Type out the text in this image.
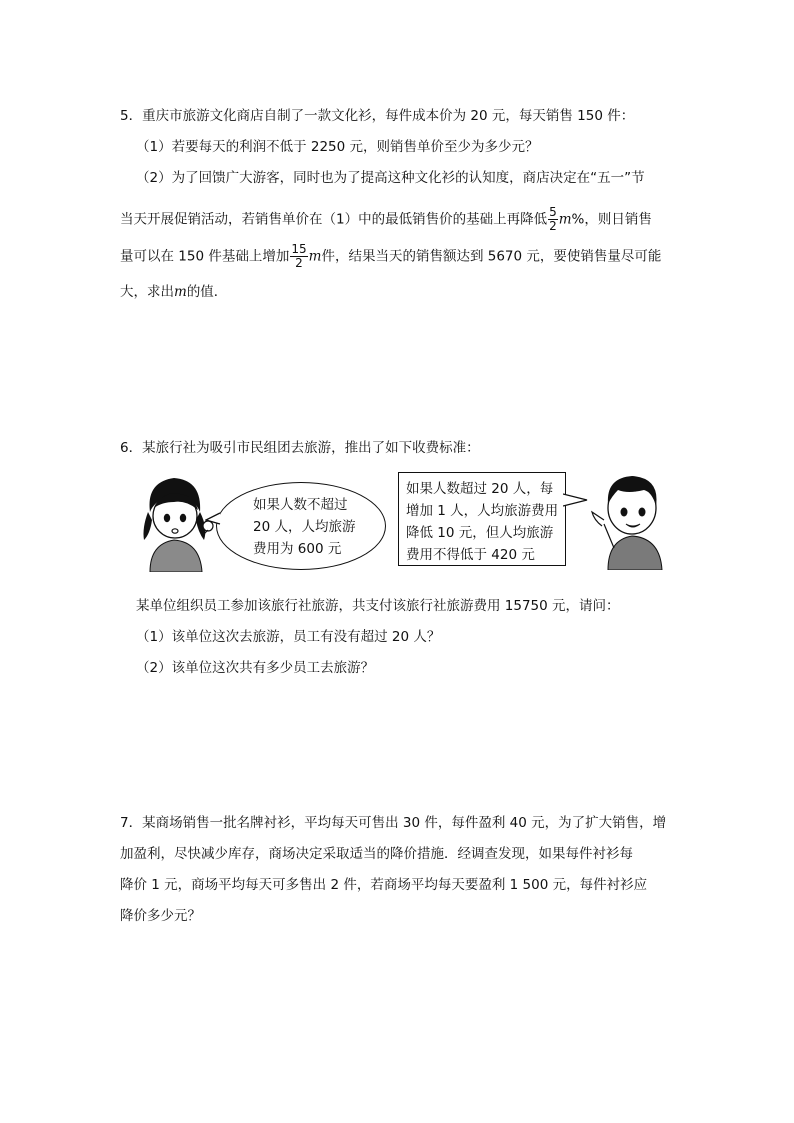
5．重庆市旅游文化商店自制了一款文化衫，每件成本价为 20 元，每天销售 150 件：
（1）若要每天的利润不低于 2250 元，则销售单价至少为多少元？
（2）为了回馈广大游客，同时也为了提高这种文化衫的认知度，商店决定在“五一”节
当天开展促销活动，若销售单价在（1）中的最低销售价的基础上再降低 $\frac{5}{2} m\%$，则日销售
量可以在 150 件基础上增加 $\frac{15}{2}$ m件，结果当天的销售额达到 5670 元，要使销售量尽可能
大，求出m的值．
6．某旅行社为吸引市民组团去旅游，推出了如下收费标准：
如果人数不超过
20 人，人均旅游
费用为 600 元
如果人数超过 20 人，每
增加 1 人，人均旅游费用
降低 10 元，但人均旅游
费用不得低于 420 元
某单位组织员工参加该旅行社旅游，共支付该旅行社旅游费用 15750 元，请问：
（1）该单位这次去旅游，员工有没有超过 20 人？
（2）该单位这次共有多少员工去旅游？
7．某商场销售一批名牌衬衫，平均每天可售出 30 件，每件盈利 40 元，为了扩大销售，增
加盈利，尽快减少库存，商场决定采取适当的降价措施．经调查发现，如果每件衬衫每
降价 1 元，商场平均每天可多售出 2 件，若商场平均每天要盈利 1 500 元，每件衬衫应
降价多少元？
